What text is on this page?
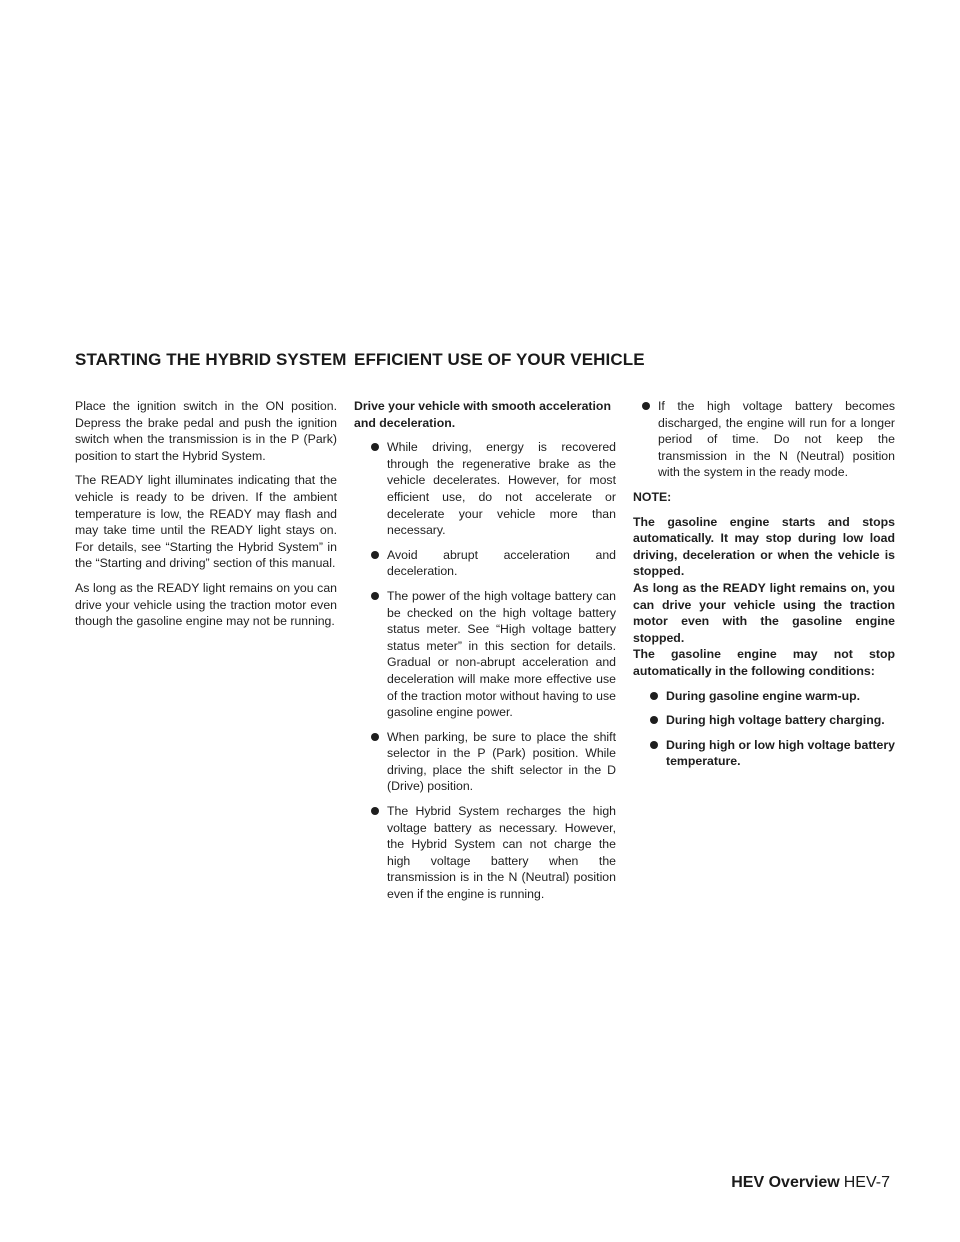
STARTING THE HYBRID SYSTEM EFFICIENT USE OF YOUR VEHICLE

Place the ignition switch in the ON position. Depress the brake pedal and push the ignition switch when the transmission is in the P (Park) position to start the Hybrid System.

The READY light illuminates indicating that the vehicle is ready to be driven. If the ambient temperature is low, the READY may flash and may take time until the READY light stays on. For details, see “Starting the Hybrid System” in the “Starting and driving” section of this manual.

As long as the READY light remains on you can drive your vehicle using the traction motor even though the gasoline engine may not be running.

Drive your vehicle with smooth acceleration and deceleration.

While driving, energy is recovered through the regenerative brake as the vehicle decelerates. However, for most efficient use, do not accelerate or decelerate your vehicle more than necessary.
Avoid abrupt acceleration and deceleration.
The power of the high voltage battery can be checked on the high voltage battery status meter. See “High voltage battery status meter” in this section for details. Gradual or non-abrupt acceleration and deceleration will make more effective use of the traction motor without having to use gasoline engine power.
When parking, be sure to place the shift selector in the P (Park) position. While driving, place the shift selector in the D (Drive) position.
The Hybrid System recharges the high voltage battery as necessary. However, the Hybrid System can not charge the high voltage battery when the transmission is in the N (Neutral) position even if the engine is running.
If the high voltage battery becomes discharged, the engine will run for a longer period of time. Do not keep the transmission in the N (Neutral) position with the system in the ready mode.

NOTE:

The gasoline engine starts and stops automatically. It may stop during low load driving, deceleration or when the vehicle is stopped.

As long as the READY light remains on, you can drive your vehicle using the traction motor even with the gasoline engine stopped.

The gasoline engine may not stop automatically in the following conditions:

During gasoline engine warm-up.
During high voltage battery charging.
During high or low high voltage battery temperature.
HEV Overview HEV-7
